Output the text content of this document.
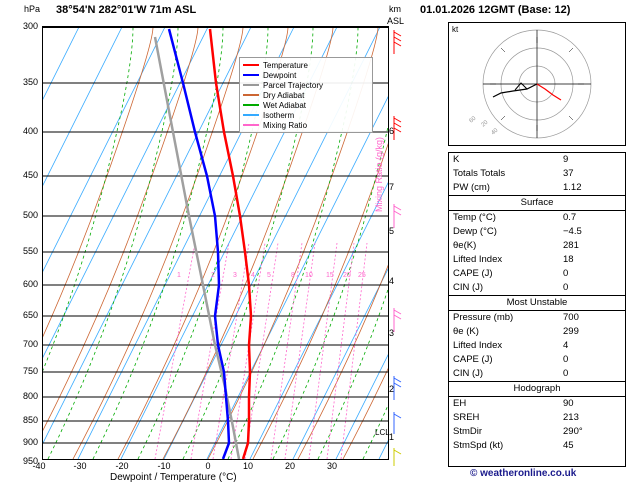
hPa 38°54'N 282°01'W 71m ASL
1	2	3 4 5	8 10 15 20 25
Temperature
Dewpoint
Parcel Trajectory
Dry Adiabat
Wet Adiabat
Isotherm
Mixing Ratio
300
350
400
450
500
550
600
650
700
750
800
850
900
950
-40	-30	-20	-10	0	10	20	30
Dewpoint / Temperature (°C)
km
ASL
7
6
5
4
3
2
1
LCL
Mixing Ratio (g/kg)
01.01.2026 12GMT (Base: 12)
kt
20
40
60
K	9
Totals Totals	37
PW (cm)	1.12
Surface	
Temp (°C)	0.7
Dewp (°C)	−4.5
θe(K)	281
Lifted Index	18
CAPE (J)	0
CIN (J)	0
Most Unstable	
Pressure (mb)	700
θe (K)	299
Lifted Index	4
CAPE (J)	0
CIN (J)	0
Hodograph	
EH	90
SREH	213
StmDir	290°
StmSpd (kt)	45
© weatheronline.co.uk
